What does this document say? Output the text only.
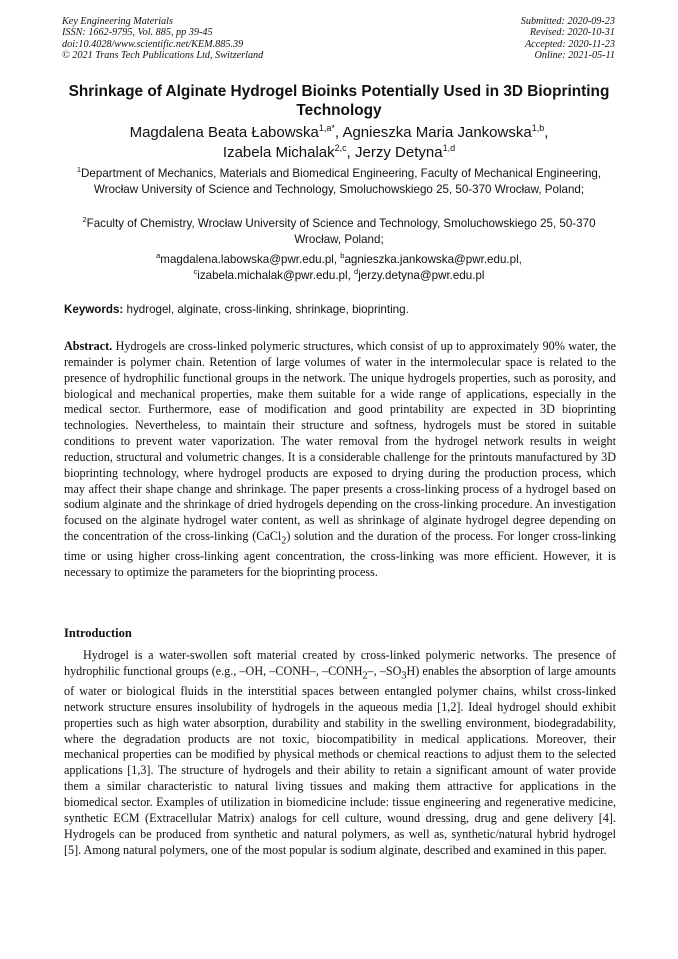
Key Engineering Materials
ISSN: 1662-9795, Vol. 885, pp 39-45
doi:10.4028/www.scientific.net/KEM.885.39
© 2021 Trans Tech Publications Ltd, Switzerland
Submitted: 2020-09-23
Revised: 2020-10-31
Accepted: 2020-11-23
Online: 2021-05-11
Shrinkage of Alginate Hydrogel Bioinks Potentially Used in 3D Bioprinting Technology
Magdalena Beata Łabowska$^{1,a*}$, Agnieszka Maria Jankowska$^{1,b}$,
Izabela Michalak$^{2,c}$, Jerzy Detyna$^{1,d}$
$^1$Department of Mechanics, Materials and Biomedical Engineering, Faculty of Mechanical Engineering, Wrocław University of Science and Technology, Smoluchowskiego 25, 50-370 Wrocław, Poland;
$^2$Faculty of Chemistry, Wrocław University of Science and Technology, Smoluchowskiego 25, 50-370 Wrocław, Poland;
$^a$magdalena.labowska@pwr.edu.pl, $^b$agnieszka.jankowska@pwr.edu.pl,
$^c$izabela.michalak@pwr.edu.pl, $^d$jerzy.detyna@pwr.edu.pl
Keywords: hydrogel, alginate, cross-linking, shrinkage, bioprinting.

Abstract. Hydrogels are cross-linked polymeric structures, which consist of up to approximately 90% water, the remainder is polymer chain. Retention of large volumes of water in the intermolecular space is related to the presence of hydrophilic functional groups in the network. The unique hydrogels properties, such as porosity, and biological and mechanical properties, make them suitable for a wide range of applications, especially in the medical sector. Furthermore, ease of modification and good printability are expected in 3D bioprinting technologies. Nevertheless, to maintain their structure and softness, hydrogels must be stored in suitable conditions to prevent water vaporization. The water removal from the hydrogel network results in weight reduction, structural and volumetric changes. It is a considerable challenge for the printouts manufactured by 3D bioprinting technology, where hydrogel products are exposed to drying during the production process, which may affect their shape change and shrinkage. The paper presents a cross-linking process of a hydrogel based on sodium alginate and the shrinkage of dried hydrogels depending on the cross-linking procedure. An investigation focused on the alginate hydrogel water content, as well as shrinkage of alginate hydrogel degree depending on the concentration of the cross-linking (CaCl$_2$) solution and the duration of the process. For longer cross-linking time or using higher cross-linking agent concentration, the cross-linking was more efficient. However, it is necessary to optimize the parameters for the bioprinting process.

Introduction

Hydrogel is a water-swollen soft material created by cross-linked polymeric networks. The presence of hydrophilic functional groups (e.g., –OH, –CONH–, $-CONH_2-$, $-SO_3H$) enables the absorption of large amounts of water or biological fluids in the interstitial spaces between entangled polymer chains, whilst cross-linked network structure ensures insolubility of hydrogels in the aqueous media [1,2]. Ideal hydrogel should exhibit properties such as high water absorption, durability and stability in the swelling environment, biodegradability, where the degradation products are not toxic, biocompatibility in medical applications. Moreover, their mechanical properties can be modified by physical methods or chemical reactions to adjust them to the selected applications [1,3]. The structure of hydrogels and their ability to retain a significant amount of water provide them a similar characteristic to natural living tissues and making them attractive for applications in the biomedical sector. Examples of utilization in biomedicine include: tissue engineering and regenerative medicine, synthetic ECM (Extracellular Matrix) analogs for cell culture, wound dressing, drug and gene delivery [4]. Hydrogels can be produced from synthetic and natural polymers, as well as, synthetic/natural hybrid hydrogel [5]. Among natural polymers, one of the most popular is sodium alginate, described and examined in this paper.
